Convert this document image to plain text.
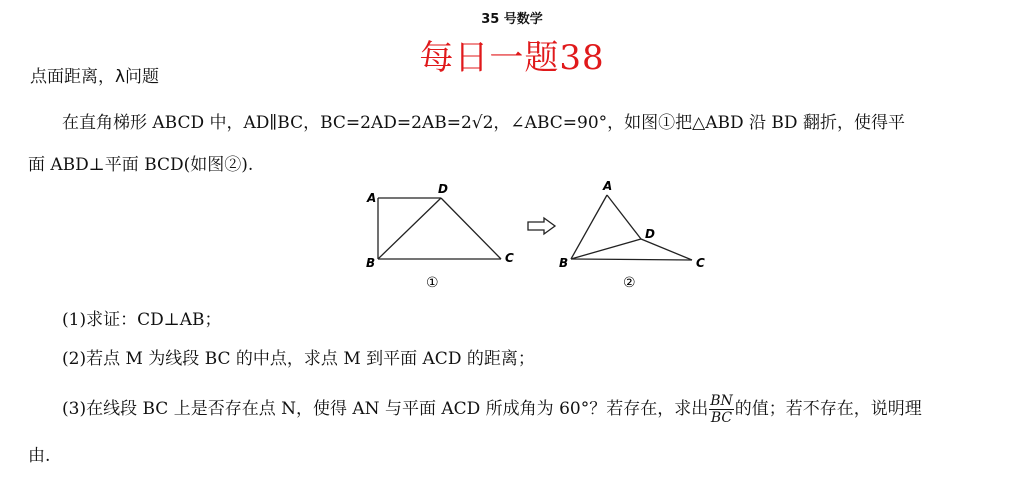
35 号数学
每日一题38
点面距离，λ问题
在直角梯形 ABCD 中，AD∥BC，BC=2AD=2AB=2√2，∠ABC=90°，如图①把△ABD 沿 BD 翻折，使得平
面 ABD⊥平面 BCD(如图②).
A
D
B	C
①
A
D
B	C
②
(1)求证：CD⊥AB；
(2)若点 M 为线段 BC 的中点，求点 M 到平面 ACD 的距离；
(3)在线段 BC 上是否存在点 N，使得 AN 与平面 ACD 所成角为 60°？若存在，求出 $\frac{BN}{BC}$ 的值；若不存在，说明理
由.
